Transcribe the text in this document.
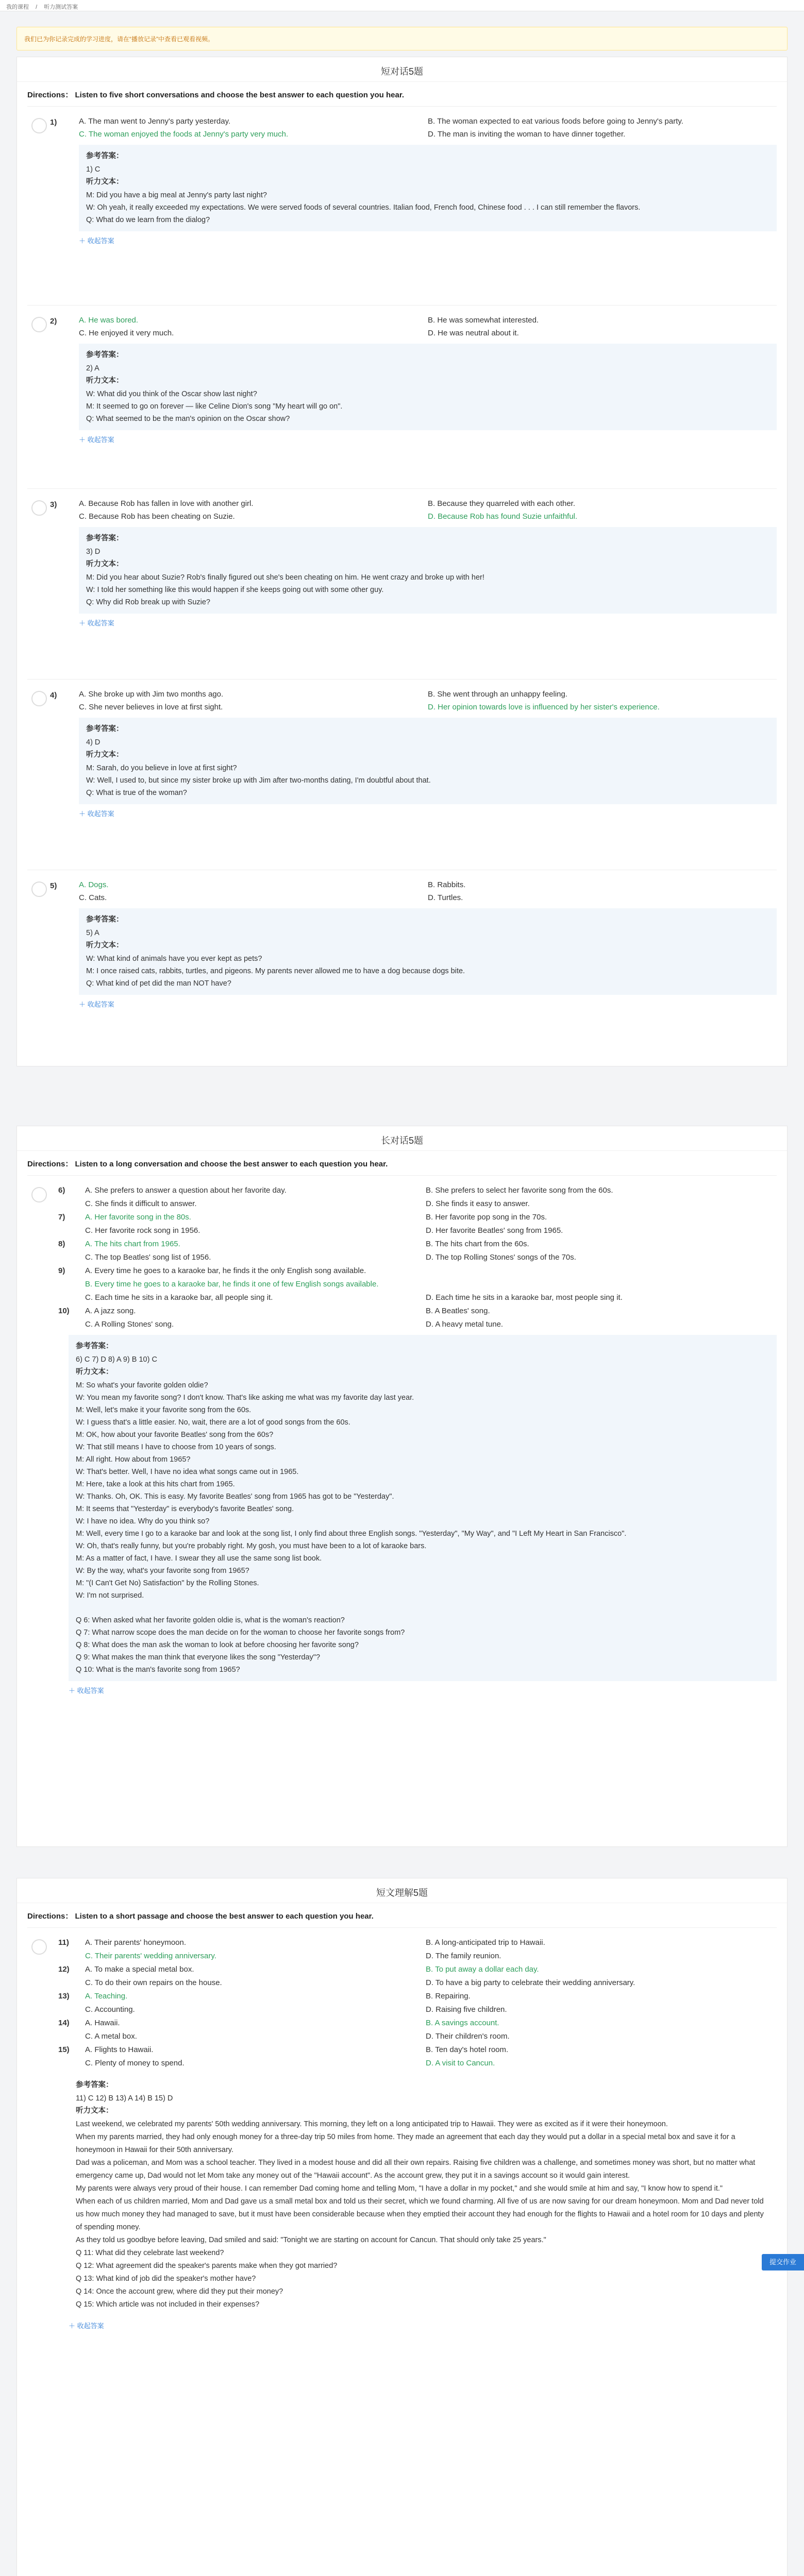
我的课程 / 听力测试答案
我们已为你记录完成的学习进度，请在“播放记录”中查看已观看视频。
短对话5题
Directions： Listen to five short conversations and choose the best answer to each question you hear.
1)	A. The man went to Jenny's party yesterday.	B. The woman expected to eat various foods before going to Jenny's party.
C. The woman enjoyed the foods at Jenny's party very much.	D. The man is inviting the woman to have dinner together.

参考答案：

1) C

听力文本：

M: Did you have a big meal at Jenny's party last night?

W: Oh yeah, it really exceeded my expectations. We were served foods of several countries. Italian food, French food, Chinese food . . . I can still remember the flavors.

Q: What do we learn from the dialog?

＋ 收起答案
2)	A. He was bored.	B. He was somewhat interested.
C. He enjoyed it very much.	D. He was neutral about it.

参考答案：

2) A

听力文本：

W: What did you think of the Oscar show last night?

M: It seemed to go on forever — like Celine Dion's song "My heart will go on".

Q: What seemed to be the man's opinion on the Oscar show?

＋ 收起答案
3)	A. Because Rob has fallen in love with another girl.	B. Because they quarreled with each other.
C. Because Rob has been cheating on Suzie.	D. Because Rob has found Suzie unfaithful.

参考答案：

3) D

听力文本：

M: Did you hear about Suzie? Rob's finally figured out she's been cheating on him. He went crazy and broke up with her!

W: I told her something like this would happen if she keeps going out with some other guy.

Q: Why did Rob break up with Suzie?

＋ 收起答案
4)	A. She broke up with Jim two months ago.	B. She went through an unhappy feeling.
C. She never believes in love at first sight.	D. Her opinion towards love is influenced by her sister's experience.

参考答案：

4) D

听力文本：

M: Sarah, do you believe in love at first sight?

W: Well, I used to, but since my sister broke up with Jim after two-months dating, I'm doubtful about that.

Q: What is true of the woman?

＋ 收起答案
5)	A. Dogs.	B. Rabbits.
C. Cats.	D. Turtles.

参考答案：

5) A

听力文本：

W: What kind of animals have you ever kept as pets?

M: I once raised cats, rabbits, turtles, and pigeons. My parents never allowed me to have a dog because dogs bite.

Q: What kind of pet did the man NOT have?

＋ 收起答案
长对话5题
Directions： Listen to a long conversation and choose the best answer to each question you hear.
6)	A. She prefers to answer a question about her favorite day.	B. She prefers to select her favorite song from the 60s.
C. She finds it difficult to answer.	D. She finds it easy to answer.
7)	A. Her favorite song in the 80s.	B. Her favorite pop song in the 70s.
C. Her favorite rock song in 1956.	D. Her favorite Beatles' song from 1965.
8)	A. The hits chart from 1965.	B. The hits chart from the 60s.
C. The top Beatles' song list of 1956.	D. The top Rolling Stones' songs of the 70s.
9)	A. Every time he goes to a karaoke bar, he finds it the only English song available.
B. Every time he goes to a karaoke bar, he finds it one of few English songs available.
C. Each time he sits in a karaoke bar, all people sing it.	D. Each time he sits in a karaoke bar, most people sing it.
10)	A. A jazz song.	B. A Beatles' song.
C. A Rolling Stones' song.	D. A heavy metal tune.

参考答案：

6) C 7) D 8) A 9) B 10) C

听力文本：

M: So what's your favorite golden oldie?

W: You mean my favorite song? I don't know. That's like asking me what was my favorite day last year.

M: Well, let's make it your favorite song from the 60s.

W: I guess that's a little easier. No, wait, there are a lot of good songs from the 60s.

M: OK, how about your favorite Beatles' song from the 60s?

W: That still means I have to choose from 10 years of songs.

M: All right. How about from 1965?

W: That's better. Well, I have no idea what songs came out in 1965.

M: Here, take a look at this hits chart from 1965.

W: Thanks. Oh, OK. This is easy. My favorite Beatles' song from 1965 has got to be "Yesterday".

M: It seems that "Yesterday" is everybody's favorite Beatles' song.

W: I have no idea. Why do you think so?

M: Well, every time I go to a karaoke bar and look at the song list, I only find about three English songs. "Yesterday", "My Way", and "I Left My Heart in San Francisco".

W: Oh, that's really funny, but you're probably right. My gosh, you must have been to a lot of karaoke bars.

M: As a matter of fact, I have. I swear they all use the same song list book.

W: By the way, what's your favorite song from 1965?

M: "(I Can't Get No) Satisfaction" by the Rolling Stones.

W: I'm not surprised.

Q 6: When asked what her favorite golden oldie is, what is the woman's reaction?

Q 7: What narrow scope does the man decide on for the woman to choose her favorite songs from?

Q 8: What does the man ask the woman to look at before choosing her favorite song?

Q 9: What makes the man think that everyone likes the song "Yesterday"?

Q 10: What is the man's favorite song from 1965?

＋ 收起答案
短文理解5题
Directions： Listen to a short passage and choose the best answer to each question you hear.
11)	A. Their parents' honeymoon.	B. A long-anticipated trip to Hawaii.
C. Their parents' wedding anniversary.	D. The family reunion.
12)	A. To make a special metal box.	B. To put away a dollar each day.
C. To do their own repairs on the house.	D. To have a big party to celebrate their wedding anniversary.
13)	A. Teaching.	B. Repairing.
C. Accounting.	D. Raising five children.
14)	A. Hawaii.	B. A savings account.
C. A metal box.	D. Their children's room.
15)	A. Flights to Hawaii.	B. Ten day's hotel room.
C. Plenty of money to spend.	D. A visit to Cancun.

参考答案：

11) C 12) B 13) A 14) B 15) D

听力文本：

Last weekend, we celebrated my parents' 50th wedding anniversary. This morning, they left on a long anticipated trip to Hawaii. They were as excited as if it were their honeymoon.

When my parents married, they had only enough money for a three-day trip 50 miles from home. They made an agreement that each day they would put a dollar in a special metal box and save it for a honeymoon in Hawaii for their 50th anniversary.

Dad was a policeman, and Mom was a school teacher. They lived in a modest house and did all their own repairs. Raising five children was a challenge, and sometimes money was short, but no matter what emergency came up, Dad would not let Mom take any money out of the "Hawaii account". As the account grew, they put it in a savings account so it would gain interest.

My parents were always very proud of their house. I can remember Dad coming home and telling Mom, "I have a dollar in my pocket," and she would smile at him and say, "I know how to spend it."

When each of us children married, Mom and Dad gave us a small metal box and told us their secret, which we found charming. All five of us are now saving for our dream honeymoon. Mom and Dad never told us how much money they had managed to save, but it must have been considerable because when they emptied their account they had enough for the flights to Hawaii and a hotel room for 10 days and plenty of spending money.

As they told us goodbye before leaving, Dad smiled and said: "Tonight we are starting on account for Cancun. That should only take 25 years."

Q 11: What did they celebrate last weekend?
Q 12: What agreement did the speaker's parents make when they got married?
Q 13: What kind of job did the speaker's mother have?
Q 14: Once the account grew, where did they put their money?
Q 15: Which article was not included in their expenses?

＋ 收起答案

提交作业
